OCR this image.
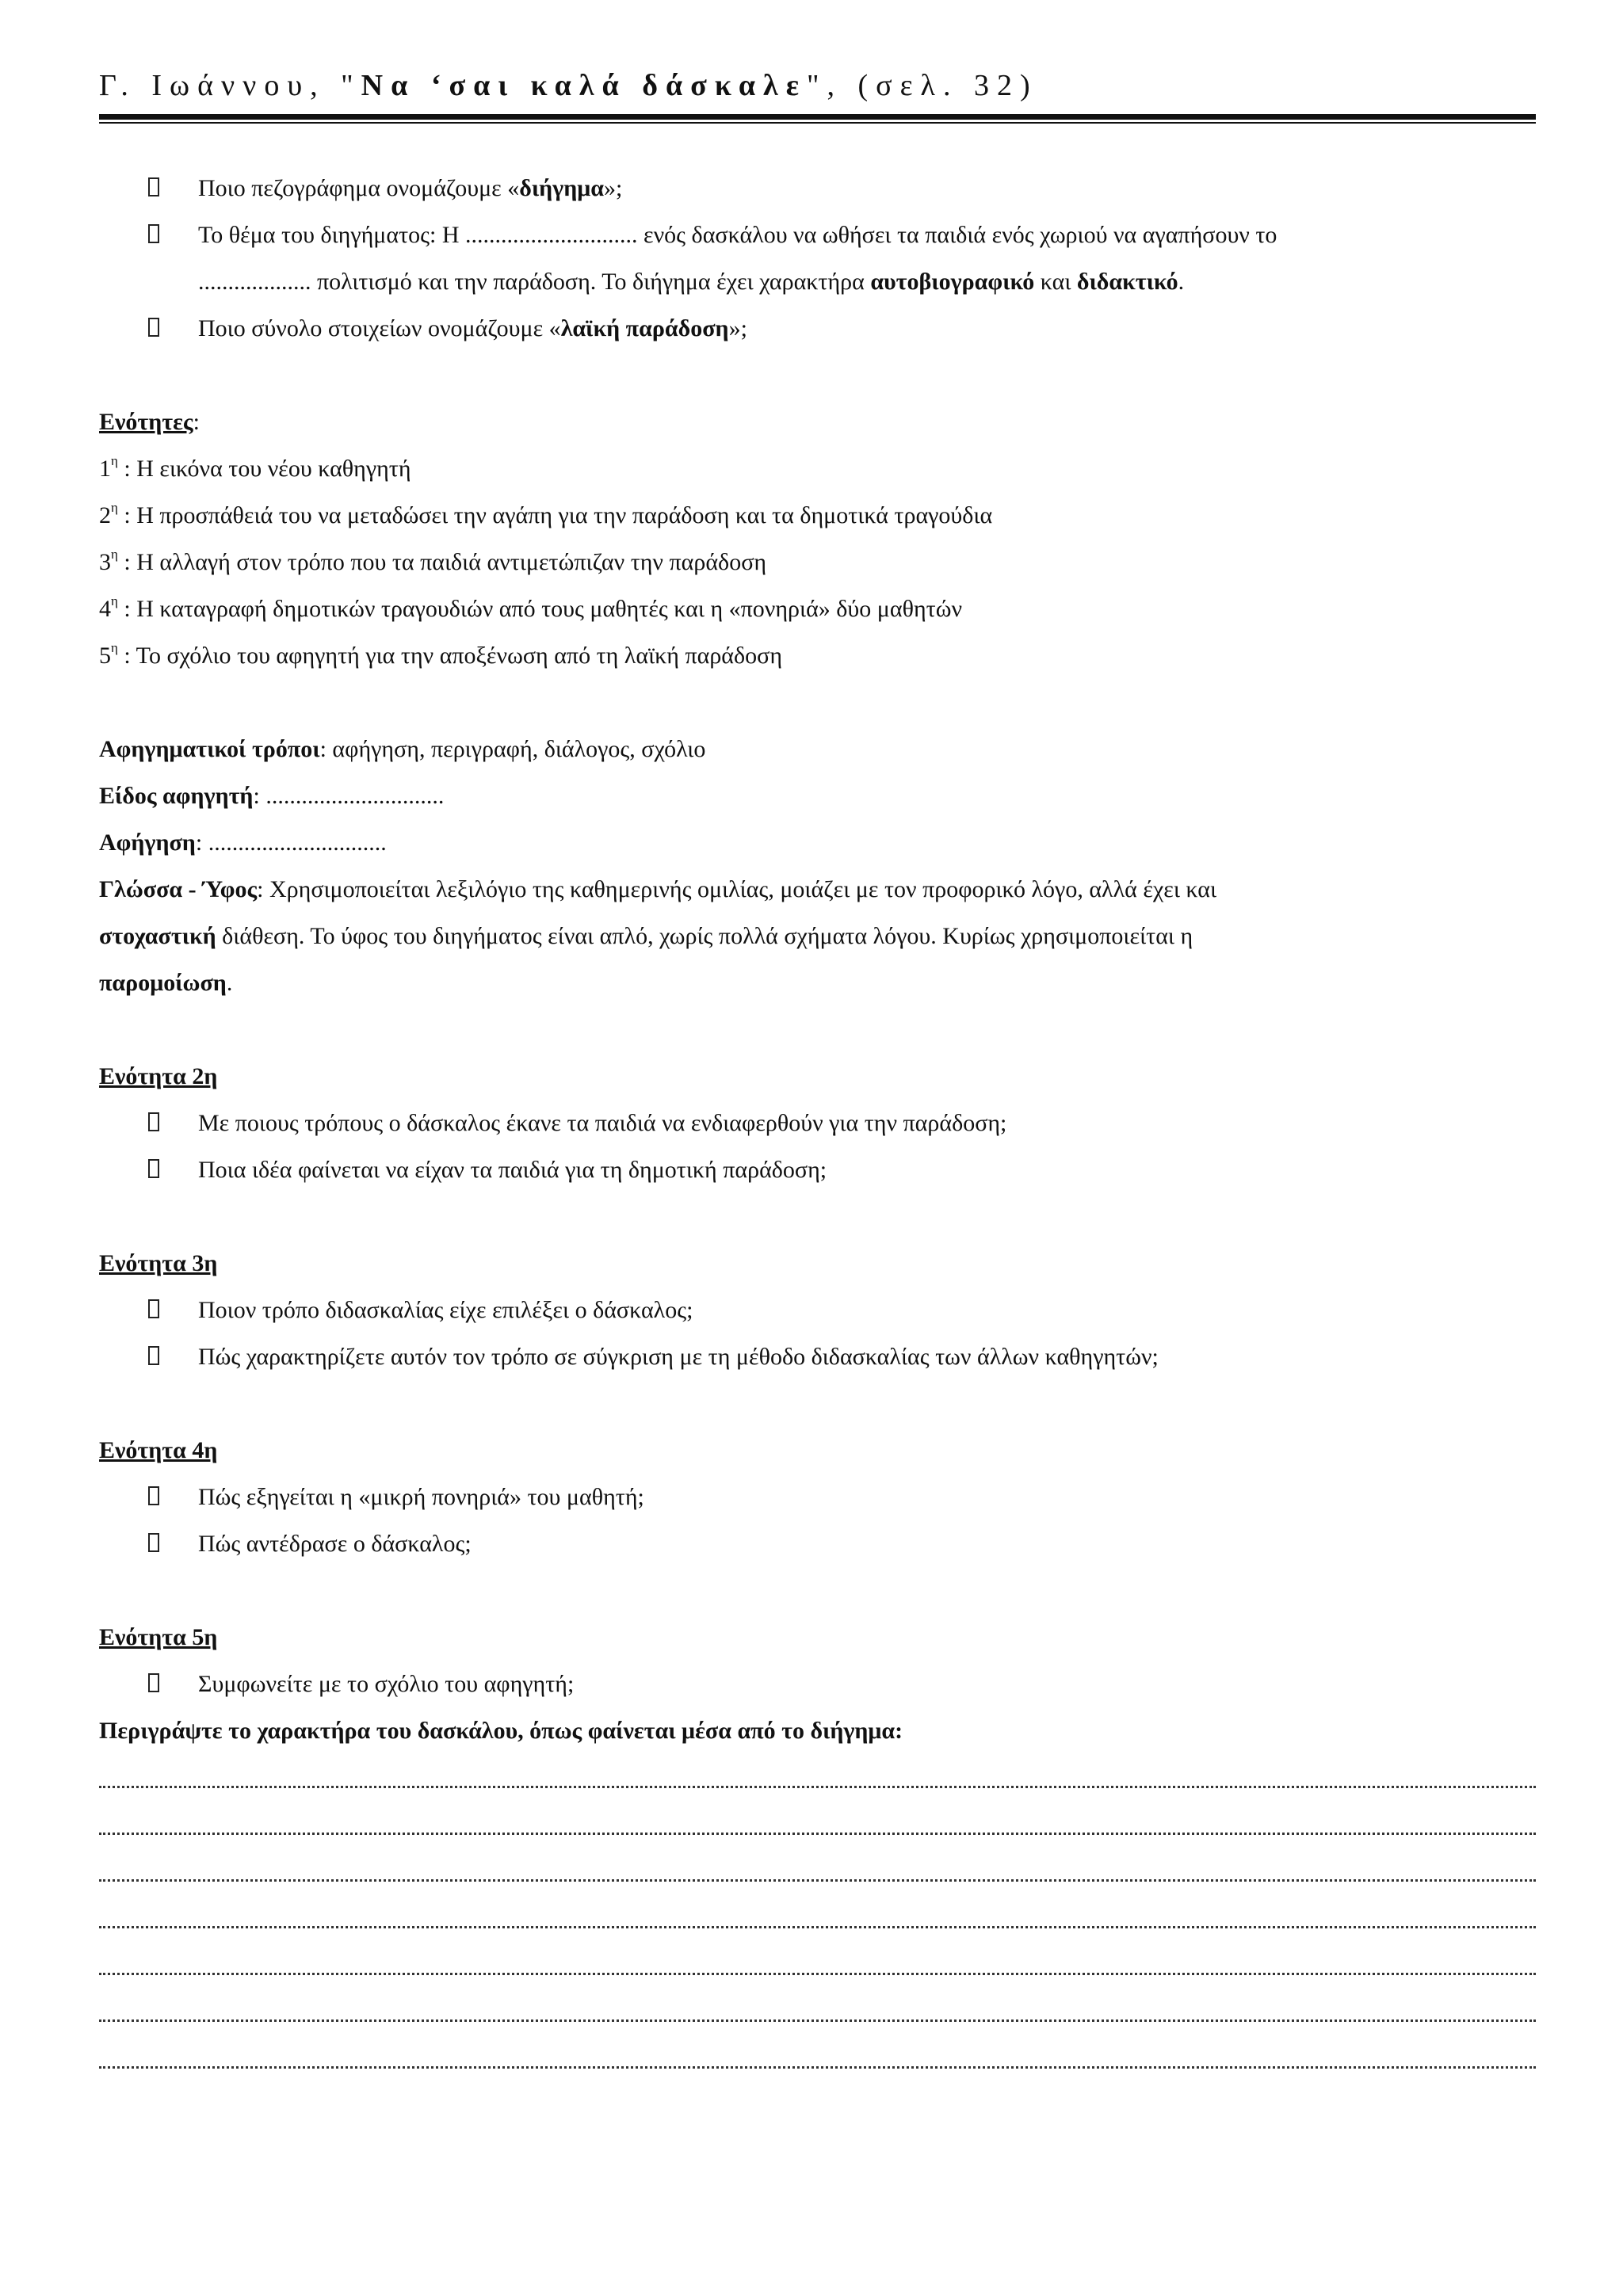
Γ. Ιωάννου, "Να ‘σαι καλά δάσκαλε", (σελ. 32)
Ποιο πεζογράφημα ονομάζουμε «διήγημα»;
Το θέμα του διηγήματος: Η ............................. ενός δασκάλου να ωθήσει τα παιδιά ενός χωριού να αγαπήσουν το
................... πολιτισμό και την παράδοση. Το διήγημα έχει χαρακτήρα αυτοβιογραφικό και διδακτικό.
Ποιο σύνολο στοιχείων ονομάζουμε «λαϊκή παράδοση»;
Ενότητες:
$1^\eta$ : Η εικόνα του νέου καθηγητή
$2^\eta$ : Η προσπάθειά του να μεταδώσει την αγάπη για την παράδοση και τα δημοτικά τραγούδια
$3^\eta$ : Η αλλαγή στον τρόπο που τα παιδιά αντιμετώπιζαν την παράδοση
$4^\eta$ : Η καταγραφή δημοτικών τραγουδιών από τους μαθητές και η «πονηριά» δύο μαθητών
$5^\eta$ : Το σχόλιο του αφηγητή για την αποξένωση από τη λαϊκή παράδοση
Αφηγηματικοί τρόποι: αφήγηση, περιγραφή, διάλογος, σχόλιο
Είδος αφηγητή: ..............................
Αφήγηση: ..............................
Γλώσσα - Ύφος: Χρησιμοποιείται λεξιλόγιο της καθημερινής ομιλίας, μοιάζει με τον προφορικό λόγο, αλλά έχει και
στοχαστική διάθεση. Το ύφος του διηγήματος είναι απλό, χωρίς πολλά σχήματα λόγου. Κυρίως χρησιμοποιείται η
παρομοίωση.
Ενότητα 2η
Με ποιους τρόπους ο δάσκαλος έκανε τα παιδιά να ενδιαφερθούν για την παράδοση;
Ποια ιδέα φαίνεται να είχαν τα παιδιά για τη δημοτική παράδοση;
Ενότητα 3η
Ποιον τρόπο διδασκαλίας είχε επιλέξει ο δάσκαλος;
Πώς χαρακτηρίζετε αυτόν τον τρόπο σε σύγκριση με τη μέθοδο διδασκαλίας των άλλων καθηγητών;
Ενότητα 4η
Πώς εξηγείται η «μικρή πονηριά» του μαθητή;
Πώς αντέδρασε ο δάσκαλος;
Ενότητα 5η
Συμφωνείτε με το σχόλιο του αφηγητή;
Περιγράψτε το χαρακτήρα του δασκάλου, όπως φαίνεται μέσα από το διήγημα:
